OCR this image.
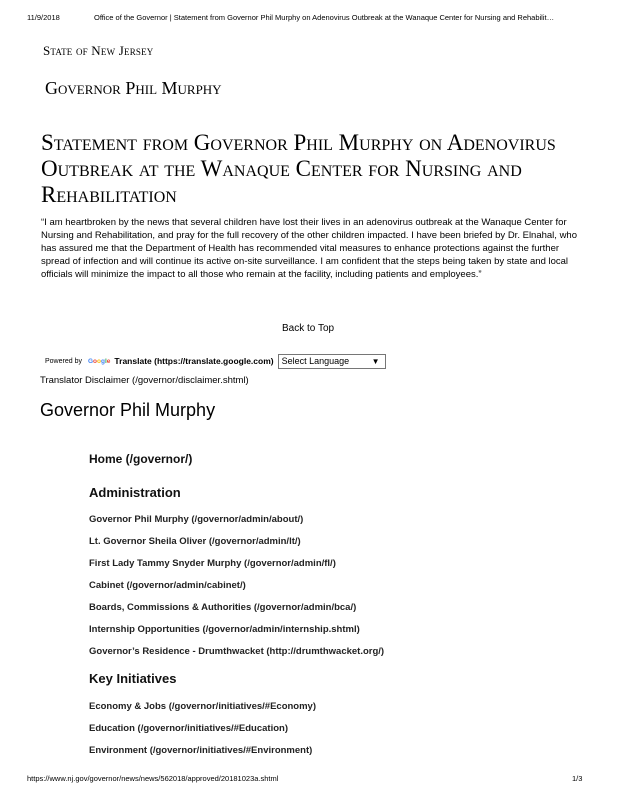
11/9/2018	Office of the Governor | Statement from Governor Phil Murphy on Adenovirus Outbreak at the Wanaque Center for Nursing and Rehabilit…
State of New Jersey
Governor Phil Murphy
Statement from Governor Phil Murphy on Adenovirus Outbreak at the Wanaque Center for Nursing and Rehabilitation

“I am heartbroken by the news that several children have lost their lives in an adenovirus outbreak at the Wanaque Center for Nursing and Rehabilitation, and pray for the full recovery of the other children impacted. I have been briefed by Dr. Elnahal, who has assured me that the Department of Health has recommended vital measures to enhance protections against the further spread of infection and will continue its active on-site surveillance. I am confident that the steps being taken by state and local officials will minimize the impact to all those who remain at the facility, including patients and employees.”

Back to Top
Powered by Google Translate (https://translate.google.com) Select Language	▼
Translator Disclaimer (/governor/disclaimer.shtml)
Governor Phil Murphy
Home (/governor/)
Administration
Governor Phil Murphy (/governor/admin/about/)
Lt. Governor Sheila Oliver (/governor/admin/lt/)
First Lady Tammy Snyder Murphy (/governor/admin/fl/)
Cabinet (/governor/admin/cabinet/)
Boards, Commissions & Authorities (/governor/admin/bca/)
Internship Opportunities (/governor/admin/internship.shtml)
Governor’s Residence - Drumthwacket (http://drumthwacket.org/)
Key Initiatives
Economy & Jobs (/governor/initiatives/#Economy)
Education (/governor/initiatives/#Education)
Environment (/governor/initiatives/#Environment)
https://www.nj.gov/governor/news/news/562018/approved/20181023a.shtml	1/3
